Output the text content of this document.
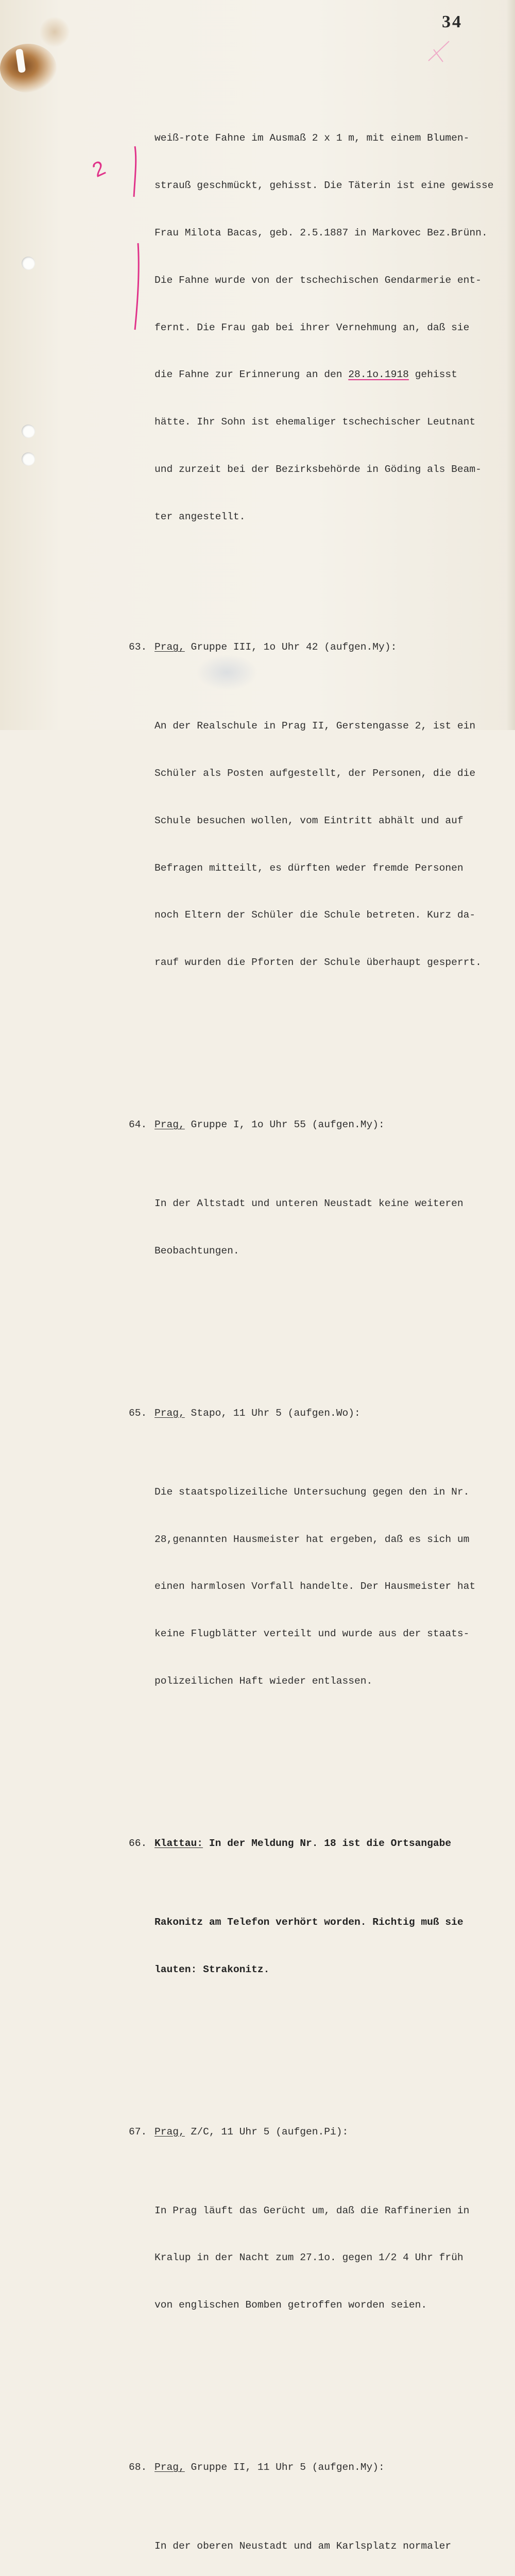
34
2

weiß-rote Fahne im Ausmaß 2 x 1 m, mit einem Blumen-

strauß geschmückt, gehisst. Die Täterin ist eine gewisse

Frau Milota Bacas, geb. 2.5.1887 in Markovec Bez.Brünn.

Die Fahne wurde von der tschechischen Gendarmerie ent-

fernt. Die Frau gab bei ihrer Vernehmung an, daß sie

die Fahne zur Erinnerung an den 28.1o.1918 gehisst

hätte. Ihr Sohn ist ehemaliger tschechischer Leutnant

und zurzeit bei der Bezirksbehörde in Göding als Beam-

ter angestellt.

63. Prag, Gruppe III, 1o Uhr 42 (aufgen.My):

An der Realschule in Prag II, Gerstengasse 2, ist ein

Schüler als Posten aufgestellt, der Personen, die die

Schule besuchen wollen, vom Eintritt abhält und auf

Befragen mitteilt, es dürften weder fremde Personen

noch Eltern der Schüler die Schule betreten. Kurz da-

rauf wurden die Pforten der Schule überhaupt gesperrt.

64. Prag, Gruppe I, 1o Uhr 55 (aufgen.My):

In der Altstadt und unteren Neustadt keine weiteren

Beobachtungen.

65. Prag, Stapo, 11 Uhr 5 (aufgen.Wo):

Die staatspolizeiliche Untersuchung gegen den in Nr.

28,genannten Hausmeister hat ergeben, daß es sich um

einen harmlosen Vorfall handelte. Der Hausmeister hat

keine Flugblätter verteilt und wurde aus der staats-

polizeilichen Haft wieder entlassen.

66. Klattau: In der Meldung Nr. 18 ist die Ortsangabe

Rakonitz am Telefon verhört worden. Richtig muß sie

lauten: Strakonitz.

67. Prag, Z/C, 11 Uhr 5 (aufgen.Pi):

In Prag läuft das Gerücht um, daß die Raffinerien in

Kralup in der Nacht zum 27.1o. gegen 1/2 4 Uhr früh

von englischen Bomben getroffen worden seien.

68. Prag, Gruppe II, 11 Uhr 5 (aufgen.My):

In der oberen Neustadt und am Karlsplatz normaler
